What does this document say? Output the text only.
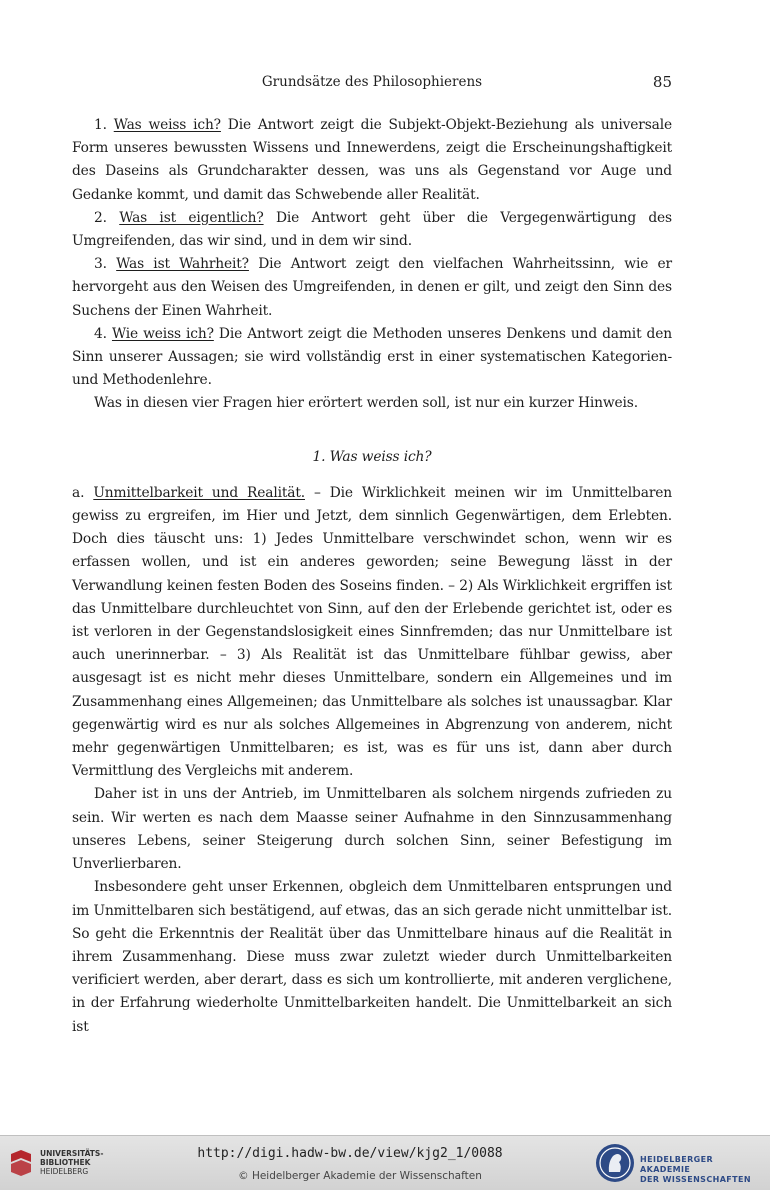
Grundsätze des Philosophierens	85

1. Was weiss ich? Die Antwort zeigt die Subjekt-Objekt-Beziehung als universale Form unseres bewussten Wissens und Innewerdens, zeigt die Erscheinungshaftigkeit des Daseins als Grundcharakter dessen, was uns als Gegenstand vor Auge und Gedanke kommt, und damit das Schwebende aller Realität.

2. Was ist eigentlich? Die Antwort geht über die Vergegenwärtigung des Umgreifenden, das wir sind, und in dem wir sind.

3. Was ist Wahrheit? Die Antwort zeigt den vielfachen Wahrheitssinn, wie er hervorgeht aus den Weisen des Umgreifenden, in denen er gilt, und zeigt den Sinn des Suchens der Einen Wahrheit.

4. Wie weiss ich? Die Antwort zeigt die Methoden unseres Denkens und damit den Sinn unserer Aussagen; sie wird vollständig erst in einer systematischen Kategorien- und Methodenlehre.

Was in diesen vier Fragen hier erörtert werden soll, ist nur ein kurzer Hinweis.

1. Was weiss ich?

a. Unmittelbarkeit und Realität. – Die Wirklichkeit meinen wir im Unmittelbaren gewiss zu ergreifen, im Hier und Jetzt, dem sinnlich Gegenwärtigen, dem Erlebten. Doch dies täuscht uns: 1) Jedes Unmittelbare verschwindet schon, wenn wir es erfassen wollen, und ist ein anderes geworden; seine Bewegung lässt in der Verwandlung keinen festen Boden des Soseins finden. – 2) Als Wirklichkeit ergriffen ist das Unmittelbare durchleuchtet von Sinn, auf den der Erlebende gerichtet ist, oder es ist verloren in der Gegenstandslosigkeit eines Sinnfremden; das nur Unmittelbare ist auch unerinnerbar. – 3) Als Realität ist das Unmittelbare fühlbar gewiss, aber ausgesagt ist es nicht mehr dieses Unmittelbare, sondern ein Allgemeines und im Zusammenhang eines Allgemeinen; das Unmittelbare als solches ist unaussagbar. Klar gegenwärtig wird es nur als solches Allgemeines in Abgrenzung von anderem, nicht mehr gegenwärtigen Unmittelbaren; es ist, was es für uns ist, dann aber durch Vermittlung des Vergleichs mit anderem.

Daher ist in uns der Antrieb, im Unmittelbaren als solchem nirgends zufrieden zu sein. Wir werten es nach dem Maasse seiner Aufnahme in den Sinnzusammenhang unseres Lebens, seiner Steigerung durch solchen Sinn, seiner Befestigung im Unverlierbaren.

Insbesondere geht unser Erkennen, obgleich dem Unmittelbaren entsprungen und im Unmittelbaren sich bestätigend, auf etwas, das an sich gerade nicht unmittelbar ist. So geht die Erkenntnis der Realität über das Unmittelbare hinaus auf die Realität in ihrem Zusammenhang. Diese muss zwar zuletzt wieder durch Unmittelbarkeiten verificiert werden, aber derart, dass es sich um kontrollierte, mit anderen verglichene, in der Erfahrung wiederholte Unmittelbarkeiten handelt. Die Unmittelbarkeit an sich ist

UNIVERSITÄTS-
BIBLIOTHEK
HEIDELBERG
http://digi.hadw-bw.de/view/kjg2_1/0088
© Heidelberger Akademie der Wissenschaften
HEIDELBERGER AKADEMIE
DER WISSENSCHAFTEN
